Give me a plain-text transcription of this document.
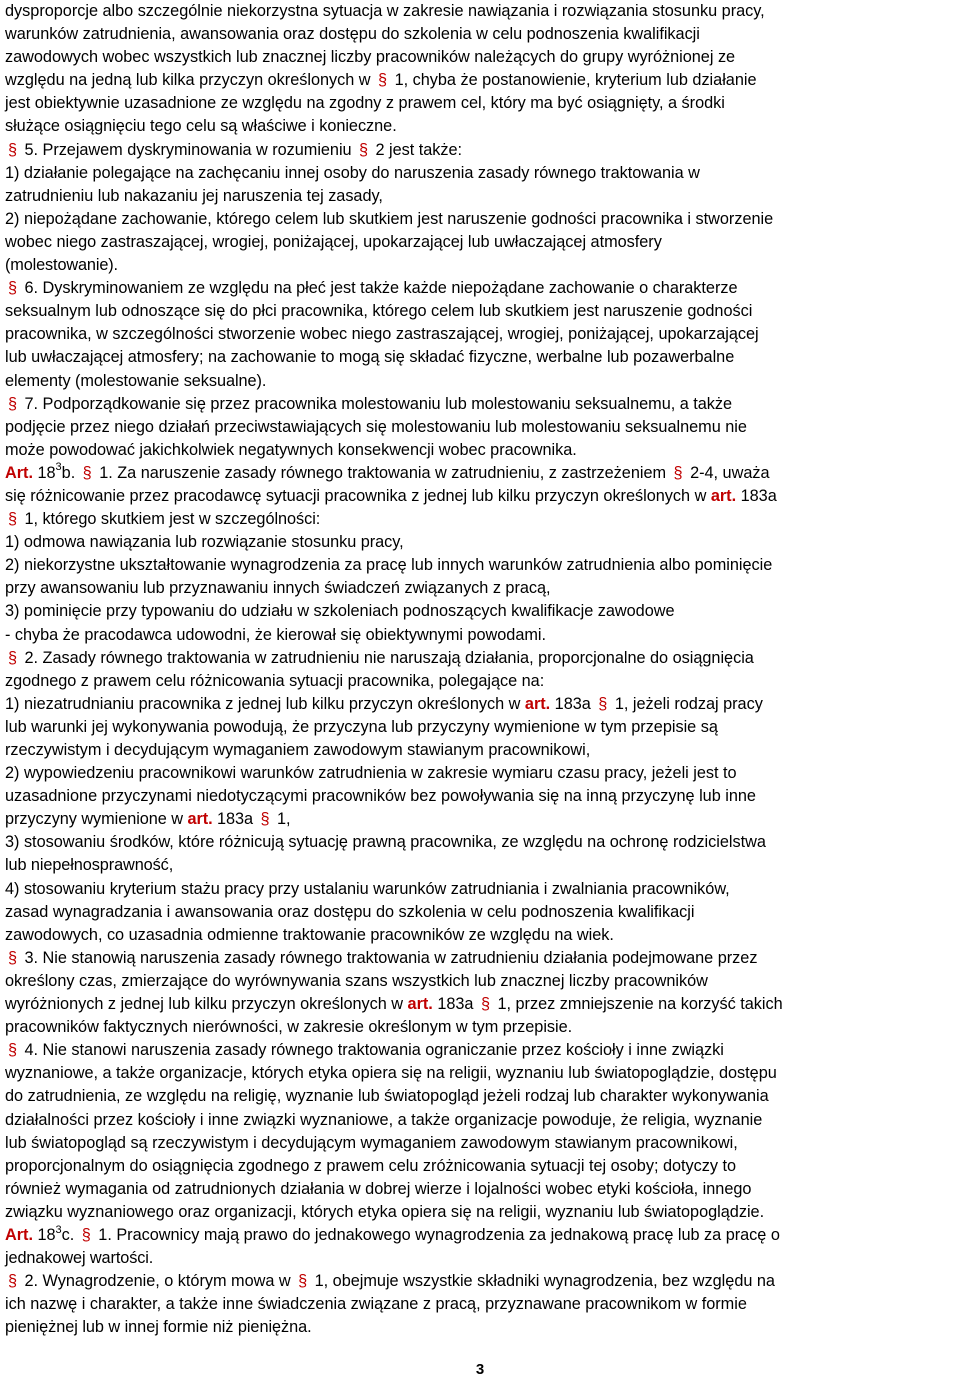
dysproporcje albo szczególnie niekorzystna sytuacja w zakresie nawiązania i rozwiązania stosunku pracy,
warunków zatrudnienia, awansowania oraz dostępu do szkolenia w celu podnoszenia kwalifikacji
zawodowych wobec wszystkich lub znacznej liczby pracowników należących do grupy wyróżnionej ze
względu na jedną lub kilka przyczyn określonych w § 1, chyba że postanowienie, kryterium lub działanie
jest obiektywnie uzasadnione ze względu na zgodny z prawem cel, który ma być osiągnięty, a środki
służące osiągnięciu tego celu są właściwe i konieczne.
§ 5. Przejawem dyskryminowania w rozumieniu § 2 jest także:
1) działanie polegające na zachęcaniu innej osoby do naruszenia zasady równego traktowania w
zatrudnieniu lub nakazaniu jej naruszenia tej zasady,
2) niepożądane zachowanie, którego celem lub skutkiem jest naruszenie godności pracownika i stworzenie
wobec niego zastraszającej, wrogiej, poniżającej, upokarzającej lub uwłaczającej atmosfery
(molestowanie).
§ 6. Dyskryminowaniem ze względu na płeć jest także każde niepożądane zachowanie o charakterze
seksualnym lub odnoszące się do płci pracownika, którego celem lub skutkiem jest naruszenie godności
pracownika, w szczególności stworzenie wobec niego zastraszającej, wrogiej, poniżającej, upokarzającej
lub uwłaczającej atmosfery; na zachowanie to mogą się składać fizyczne, werbalne lub pozawerbalne
elementy (molestowanie seksualne).
§ 7. Podporządkowanie się przez pracownika molestowaniu lub molestowaniu seksualnemu, a także
podjęcie przez niego działań przeciwstawiających się molestowaniu lub molestowaniu seksualnemu nie
może powodować jakichkolwiek negatywnych konsekwencji wobec pracownika.
Art. $18^3b$. § 1. Za naruszenie zasady równego traktowania w zatrudnieniu, z zastrzeżeniem § 2-4, uważa
się różnicowanie przez pracodawcę sytuacji pracownika z jednej lub kilku przyczyn określonych w art. 183a
§ 1, którego skutkiem jest w szczególności:
1) odmowa nawiązania lub rozwiązanie stosunku pracy,
2) niekorzystne ukształtowanie wynagrodzenia za pracę lub innych warunków zatrudnienia albo pominięcie
przy awansowaniu lub przyznawaniu innych świadczeń związanych z pracą,
3) pominięcie przy typowaniu do udziału w szkoleniach podnoszących kwalifikacje zawodowe
- chyba że pracodawca udowodni, że kierował się obiektywnymi powodami.
§ 2. Zasady równego traktowania w zatrudnieniu nie naruszają działania, proporcjonalne do osiągnięcia
zgodnego z prawem celu różnicowania sytuacji pracownika, polegające na:
1) niezatrudnianiu pracownika z jednej lub kilku przyczyn określonych w art. 183a § 1, jeżeli rodzaj pracy
lub warunki jej wykonywania powodują, że przyczyna lub przyczyny wymienione w tym przepisie są
rzeczywistym i decydującym wymaganiem zawodowym stawianym pracownikowi,
2) wypowiedzeniu pracownikowi warunków zatrudnienia w zakresie wymiaru czasu pracy, jeżeli jest to
uzasadnione przyczynami niedotyczącymi pracowników bez powoływania się na inną przyczynę lub inne
przyczyny wymienione w art. 183a § 1,
3) stosowaniu środków, które różnicują sytuację prawną pracownika, ze względu na ochronę rodzicielstwa
lub niepełnosprawność,
4) stosowaniu kryterium stażu pracy przy ustalaniu warunków zatrudniania i zwalniania pracowników,
zasad wynagradzania i awansowania oraz dostępu do szkolenia w celu podnoszenia kwalifikacji
zawodowych, co uzasadnia odmienne traktowanie pracowników ze względu na wiek.
§ 3. Nie stanowią naruszenia zasady równego traktowania w zatrudnieniu działania podejmowane przez
określony czas, zmierzające do wyrównywania szans wszystkich lub znacznej liczby pracowników
wyróżnionych z jednej lub kilku przyczyn określonych w art. 183a § 1, przez zmniejszenie na korzyść takich
pracowników faktycznych nierówności, w zakresie określonym w tym przepisie.
§ 4. Nie stanowi naruszenia zasady równego traktowania ograniczanie przez kościoły i inne związki
wyznaniowe, a także organizacje, których etyka opiera się na religii, wyznaniu lub światopoglądzie, dostępu
do zatrudnienia, ze względu na religię, wyznanie lub światopogląd jeżeli rodzaj lub charakter wykonywania
działalności przez kościoły i inne związki wyznaniowe, a także organizacje powoduje, że religia, wyznanie
lub światopogląd są rzeczywistym i decydującym wymaganiem zawodowym stawianym pracownikowi,
proporcjonalnym do osiągnięcia zgodnego z prawem celu zróżnicowania sytuacji tej osoby; dotyczy to
również wymagania od zatrudnionych działania w dobrej wierze i lojalności wobec etyki kościoła, innego
związku wyznaniowego oraz organizacji, których etyka opiera się na religii, wyznaniu lub światopoglądzie.
Art. $18^3c$. § 1. Pracownicy mają prawo do jednakowego wynagrodzenia za jednakową pracę lub za pracę o
jednakowej wartości.
§ 2. Wynagrodzenie, o którym mowa w § 1, obejmuje wszystkie składniki wynagrodzenia, bez względu na
ich nazwę i charakter, a także inne świadczenia związane z pracą, przyznawane pracownikom w formie
pieniężnej lub w innej formie niż pieniężna.
3
